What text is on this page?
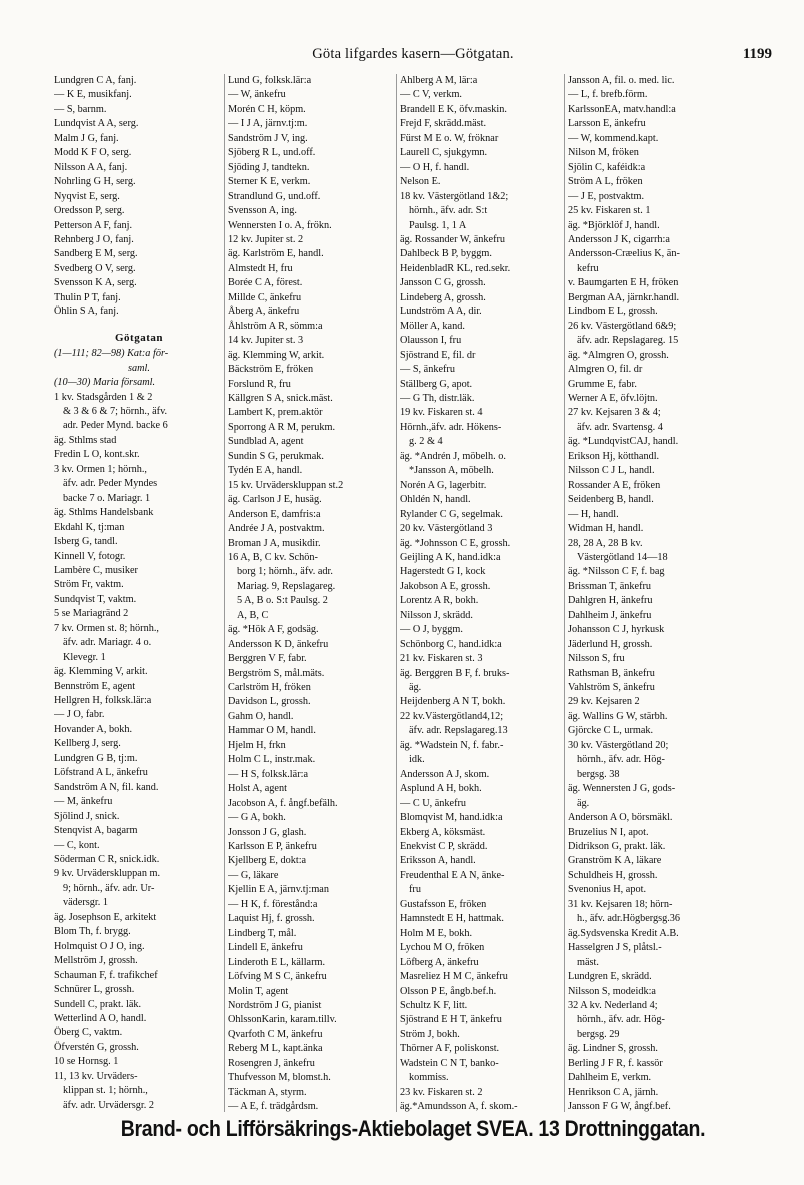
Göta lifgardes kasern—Götgatan.	1199
Lundgren C A, fanj.
— K E, musikfanj.
— S, barnm.
Lundqvist A A, serg.
Malm J G, fanj.
Modd K F O, serg.
Nilsson A A, fanj.
Nohrling G H, serg.
Nyqvist E, serg.
Oredsson P, serg.
Petterson A F, fanj.
Rehnberg J O, fanj.
Sandberg E M, serg.
Svedberg O V, serg.
Svensson K A, serg.
Thulin P T, fanj.
Öhlin S A, fanj.
Götgatan
(1—111; 82—98) Kat:a för-
saml.
(10—30) Maria församl.
1 kv. Stadsgården 1 & 2
& 3 & 6 & 7; hörnh., äfv.
adr. Peder Mynd. backe 6
äg. Sthlms stad
Fredin L O, kont.skr.
3 kv. Ormen 1; hörnh.,
äfv. adr. Peder Myndes
backe 7 o. Mariagr. 1
äg. Sthlms Handelsbank
Ekdahl K, tj:man
Isberg G, tandl.
Kinnell V, fotogr.
Lambère C, musiker
Ström Fr, vaktm.
Sundqvist T, vaktm.
5 se Mariagränd 2
7 kv. Ormen st. 8; hörnh.,
äfv. adr. Mariagr. 4 o.
Klevegr. 1
äg. Klemming V, arkit.
Bennström E, agent
Hellgren H, folksk.lär:a
— J O, fabr.
Hovander A, bokh.
Kellberg J, serg.
Lundgren G B, tj:m.
Löfstrand A L, änkefru
Sandström A N, fil. kand.
— M, änkefru
Sjölind J, snick.
Stenqvist A, bagarm
— C, kont.
Söderman C R, snick.idk.
9 kv. Urväderskluppan m.
9; hörnh., äfv. adr. Ur-
vädersgr. 1
äg. Josephson E, arkitekt
Blom Th, f. brygg.
Holmquist O J O, ing.
Mellström J, grossh.
Schauman F, f. trafikchef
Schnürer L, grossh.
Sundell C, prakt. läk.
Wetterlind A O, handl.
Öberg C, vaktm.
Öfverstén G, grossh.
10 se Hornsg. 1
11, 13 kv. Urväders-
klippan st. 1; hörnh.,
äfv. adr. Urvädersgr. 2
Lund G, folksk.lär:a
— W, änkefru
Morén C H, köpm.
— I J A, järnv.tj:m.
Sandström J V, ing.
Sjöberg R L, und.off.
Sjöding J, tandtekn.
Sterner K E, verkm.
Strandlund G, und.off.
Svensson A, ing.
Wennersten I o. A, frökn.
12 kv. Jupiter st. 2
äg. Karlström E, handl.
Almstedt H, fru
Borée C A, förest.
Millde C, änkefru
Åberg A, änkefru
Åhlström A R, sömm:a
14 kv. Jupiter st. 3
äg. Klemming W, arkit.
Bäckström E, fröken
Forslund R, fru
Källgren S A, snick.mäst.
Lambert K, prem.aktör
Sporrong A R M, perukm.
Sundblad A, agent
Sundin S G, perukmak.
Tydén E A, handl.
15 kv. Urväderskluppan st.2
äg. Carlson J E, husäg.
Anderson E, damfris:a
Andrée J A, postvaktm.
Broman J A, musikdir.
16 A, B, C kv. Schön-
borg 1; hörnh., äfv. adr.
Mariag. 9, Repslagareg.
5 A, B o. S:t Paulsg. 2
A, B, C
äg. *Hök A F, godsäg.
Andersson K D, änkefru
Berggren V F, fabr.
Bergström S, mål.mäts.
Carlström H, fröken
Davidson L, grossh.
Gahm O, handl.
Hammar O M, handl.
Hjelm H, frkn
Holm C L, instr.mak.
— H S, folksk.lär:a
Holst A, agent
Jacobson A, f. ångf.befälh.
— G A, bokh.
Jonsson J G, glash.
Karlsson E P, änkefru
Kjellberg E, dokt:a
— G, läkare
Kjellin E A, järnv.tj:man
— H K, f. förestånd:a
Laquist Hj, f. grossh.
Lindberg T, mål.
Lindell E, änkefru
Linderoth E L, källarm.
Löfving M S C, änkefru
Molin T, agent
Nordström J G, pianist
OhlssonKarin, karam.tillv.
Qvarfoth C M, änkefru
Reberg M L, kapt.änka
Rosengren J, änkefru
Thufvesson M, blomst.h.
Täckman A, styrm.
— A E, f. trädgårdsm.
Ahlberg A M, lär:a
— C V, verkm.
Brandell E K, öfv.maskin.
Frejd F, skrädd.mäst.
Fürst M E o. W, fröknar
Laurell C, sjukgymn.
— O H, f. handl.
Nelson E.
18 kv. Västergötland 1&2;
hörnh., äfv. adr. S:t
Paulsg. 1, 1 A
äg. Rossander W, änkefru
Dahlbeck B P, byggm.
HeidenbladR KL, red.sekr.
Jansson C G, grossh.
Lindeberg A, grossh.
Lundström A A, dir.
Möller A, kand.
Olausson I, fru
Sjöstrand E, fil. dr
— S, änkefru
Ställberg G, apot.
— G Th, distr.läk.
19 kv. Fiskaren st. 4
Hörnh.,äfv. adr. Hökens-
g. 2 & 4
äg. *Andrén J, möbelh. o.
*Jansson A, möbelh.
Norén A G, lagerbitr.
Ohldén N, handl.
Rylander C G, segelmak.
20 kv. Västergötland 3
äg. *Johnsson C E, grossh.
Geijling A K, hand.idk:a
Hagerstedt G I, kock
Jakobson A E, grossh.
Lorentz A R, bokh.
Nilsson J, skrädd.
— O J, byggm.
Schönborg C, hand.idk:a
21 kv. Fiskaren st. 3
äg. Berggren B F, f. bruks-
äg.
Heijdenberg A N T, bokh.
22 kv.Västergötland4,12;
äfv. adr. Repslagareg.13
äg. *Wadstein N, f. fabr.-
idk.
Andersson A J, skom.
Asplund A H, bokh.
— C U, änkefru
Blomqvist M, hand.idk:a
Ekberg A, köksmäst.
Enekvist C P, skrädd.
Eriksson A, handl.
Freudenthal E A N, änke-
fru
Gustafsson E, fröken
Hamnstedt E H, hattmak.
Holm M E, bokh.
Lychou M O, fröken
Löfberg A, änkefru
Masreliez H M C, änkefru
Olsson P E, ångb.bef.h.
Schultz K F, litt.
Sjöstrand E H T, änkefru
Ström J, bokh.
Thörner A F, poliskonst.
Wadstein C N T, banko-
kommiss.
23 kv. Fiskaren st. 2
äg.*Amundsson A, f. skom.-
Jansson A, fil. o. med. lic.
— L, f. brefb.förm.
KarlssonEA, matv.handl:a
Larsson E, änkefru
— W, kommend.kapt.
Nilson M, fröken
Sjölin C, kaféidk:a
Ström A L, fröken
— J E, postvaktm.
25 kv. Fiskaren st. 1
äg. *Björklöf J, handl.
Andersson J K, cigarrh:a
Andersson-Cræelius K, än-
kefru
v. Baumgarten E H, fröken
Bergman AA, järnkr.handl.
Lindbom E L, grossh.
26 kv. Västergötland 6&9;
äfv. adr. Repslagareg. 15
äg. *Almgren O, grossh.
Almgren O, fil. dr
Grumme E, fabr.
Werner A E, öfv.löjtn.
27 kv. Kejsaren 3 & 4;
äfv. adr. Svartensg. 4
äg. *LundqvistCAJ, handl.
Erikson Hj, kötthandl.
Nilsson C J L, handl.
Rossander A E, fröken
Seidenberg B, handl.
— H, handl.
Widman H, handl.
28, 28 A, 28 B kv.
Västergötland 14—18
äg. *Nilsson C F, f. bag
Brissman T, änkefru
Dahlgren H, änkefru
Dahlheim J, änkefru
Johansson C J, hyrkusk
Jäderlund H, grossh.
Nilsson S, fru
Rathsman B, änkefru
Vahlström S, änkefru
29 kv. Kejsaren 2
äg. Wallins G W, stärbh.
Gjörcke C L, urmak.
30 kv. Västergötland 20;
hörnh., äfv. adr. Hög-
bergsg. 38
äg. Wennersten J G, gods-
äg.
Anderson A O, börsmäkl.
Bruzelius N I, apot.
Didrikson G, prakt. läk.
Granström K A, läkare
Schuldheis H, grossh.
Svenonius H, apot.
31 kv. Kejsaren 18; hörn-
h., äfv. adr.Högbergsg.36
äg.Sydsvenska Kredit A.B.
Hasselgren J S, plåtsl.-
mäst.
Lundgren E, skrädd.
Nilsson S, modeidk:a
32 A kv. Nederland 4;
hörnh., äfv. adr. Hög-
bergsg. 29
äg. Lindner S, grossh.
Berling J F R, f. kassör
Dahlheim E, verkm.
Henrikson C A, järnh.
Jansson F G W, ångf.bef.
Brand- och Lifförsäkrings-Aktiebolaget SVEA. 13 Drottninggatan.
